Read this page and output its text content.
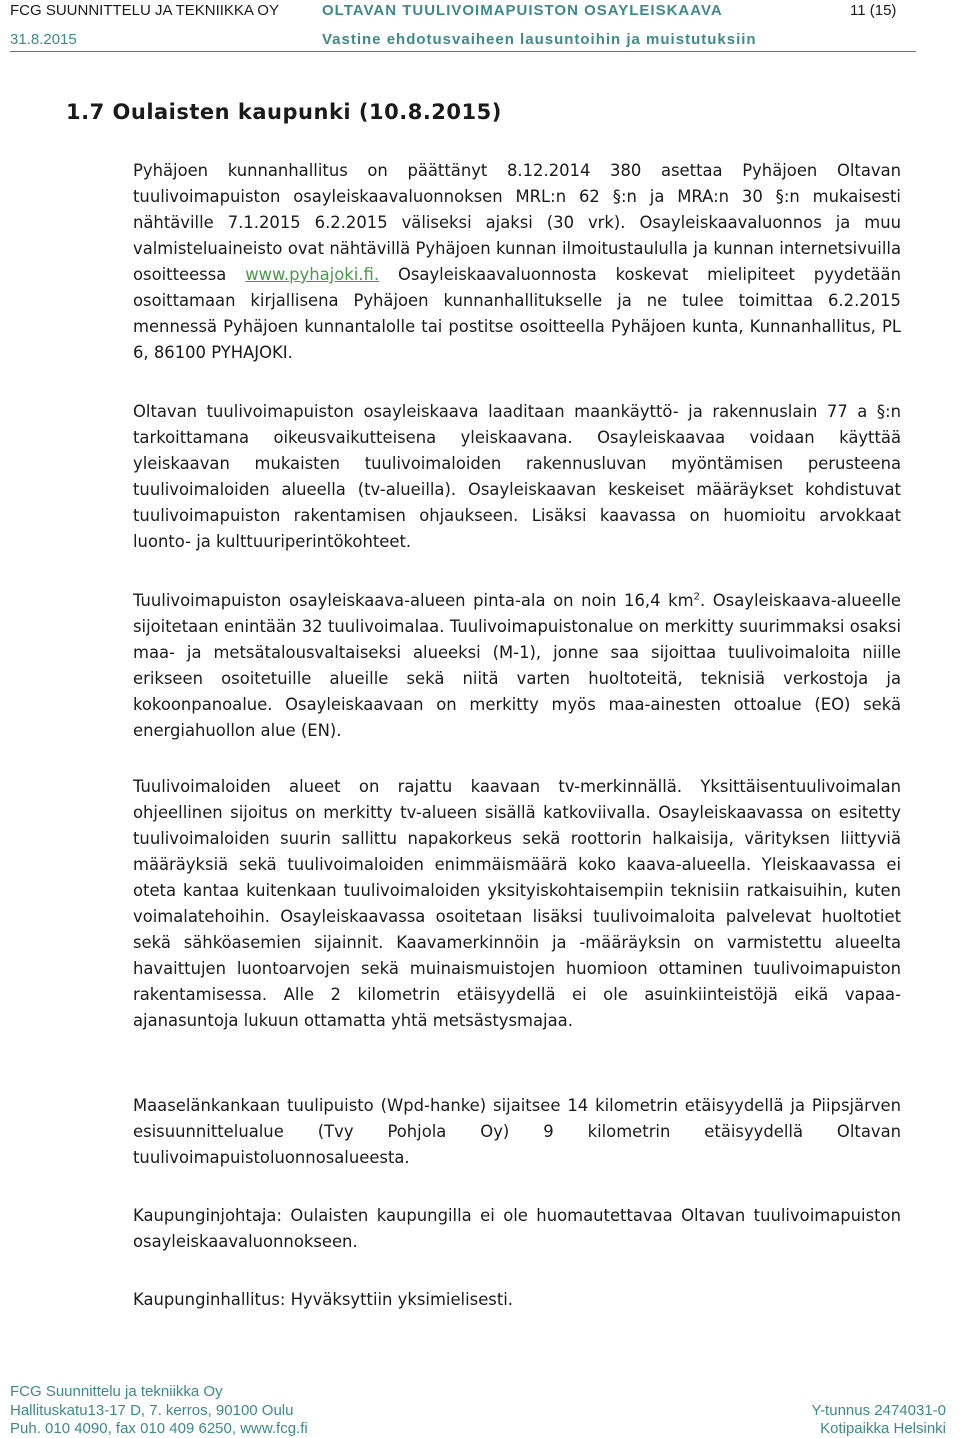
FCG SUUNNITTELU JA TEKNIIKKA OY	OLTAVAN TUULIVOIMAPUISTON OSAYLEISKAAVA	11 (15)
31.8.2015	Vastine ehdotusvaiheen lausuntoihin ja muistutuksiin
1.7 Oulaisten kaupunki (10.8.2015)

Pyhäjoen kunnanhallitus on päättänyt 8.12.2014 380 asettaa Pyhäjoen Oltavan tuulivoimapuiston osayleiskaavaluonnoksen MRL:n 62 §:n ja MRA:n 30 §:n mukaisesti nähtäville 7.1.2015 6.2.2015 väliseksi ajaksi (30 vrk). Osayleiskaavaluonnos ja muu valmisteluaineisto ovat nähtävillä Pyhäjoen kunnan ilmoitustaululla ja kunnan internetsivuilla osoitteessa www.pyhajoki.fi. Osayleiskaavaluonnosta koskevat mielipiteet pyydetään osoittamaan kirjallisena Pyhäjoen kunnanhallitukselle ja ne tulee toimittaa 6.2.2015 mennessä Pyhäjoen kunnantalolle tai postitse osoitteella Pyhäjoen kunta, Kunnanhallitus, PL 6, 86100 PYHAJOKI.

Oltavan tuulivoimapuiston osayleiskaava laaditaan maankäyttö- ja rakennuslain 77 a §:n tarkoittamana oikeusvaikutteisena yleiskaavana. Osayleiskaavaa voidaan käyttää yleiskaavan mukaisten tuulivoimaloiden rakennusluvan myöntämisen perusteena tuulivoimaloiden alueella (tv-alueilla). Osayleiskaavan keskeiset määräykset kohdistuvat tuulivoimapuiston rakentamisen ohjaukseen. Lisäksi kaavassa on huomioitu arvokkaat luonto- ja kulttuuriperintökohteet.

Tuulivoimapuiston osayleiskaava-alueen pinta-ala on noin 16,4 $km^2$. Osayleiskaava-alueelle sijoitetaan enintään 32 tuulivoimalaa. Tuulivoimapuistonalue on merkitty suurimmaksi osaksi maa- ja metsätalousvaltaiseksi alueeksi (M-1), jonne saa sijoittaa tuulivoimaloita niille erikseen osoitetuille alueille sekä niitä varten huoltoteitä, teknisiä verkostoja ja kokoonpanoalue. Osayleiskaavaan on merkitty myös maa-ainesten ottoalue (EO) sekä energiahuollon alue (EN).

Tuulivoimaloiden alueet on rajattu kaavaan tv-merkinnällä. Yksittäisentuulivoimalan ohjeellinen sijoitus on merkitty tv-alueen sisällä katkoviivalla. Osayleiskaavassa on esitetty tuulivoimaloiden suurin sallittu napakorkeus sekä roottorin halkaisija, värityksen liittyviä määräyksiä sekä tuulivoimaloiden enimmäismäärä koko kaava-alueella. Yleiskaavassa ei oteta kantaa kuitenkaan tuulivoimaloiden yksityiskohtaisempiin teknisiin ratkaisuihin, kuten voimalatehoihin. Osayleiskaavassa osoitetaan lisäksi tuulivoimaloita palvelevat huoltotiet sekä sähköasemien sijainnit. Kaavamerkinnöin ja -määräyksin on varmistettu alueelta havaittujen luontoarvojen sekä muinaismuistojen huomioon ottaminen tuulivoimapuiston rakentamisessa. Alle 2 kilometrin etäisyydellä ei ole asuinkiinteistöjä eikä vapaa-ajanasuntoja lukuun ottamatta yhtä metsästysmajaa.

Maaselänkankaan tuulipuisto (Wpd-hanke) sijaitsee 14 kilometrin etäisyydellä ja Piipsjärven esisuunnittelualue (Tvy Pohjola Oy) 9 kilometrin etäisyydellä Oltavan tuulivoimapuistoluonnosalueesta.

Kaupunginjohtaja: Oulaisten kaupungilla ei ole huomautettavaa Oltavan tuulivoimapuiston osayleiskaavaluonnokseen.

Kaupunginhallitus: Hyväksyttiin yksimielisesti.

FCG Suunnittelu ja tekniikka Oy
Hallituskatu13-17 D, 7. kerros, 90100 Oulu
Puh. 010 4090, fax 010 409 6250, www.fcg.fi
Y-tunnus 2474031-0
Kotipaikka Helsinki
